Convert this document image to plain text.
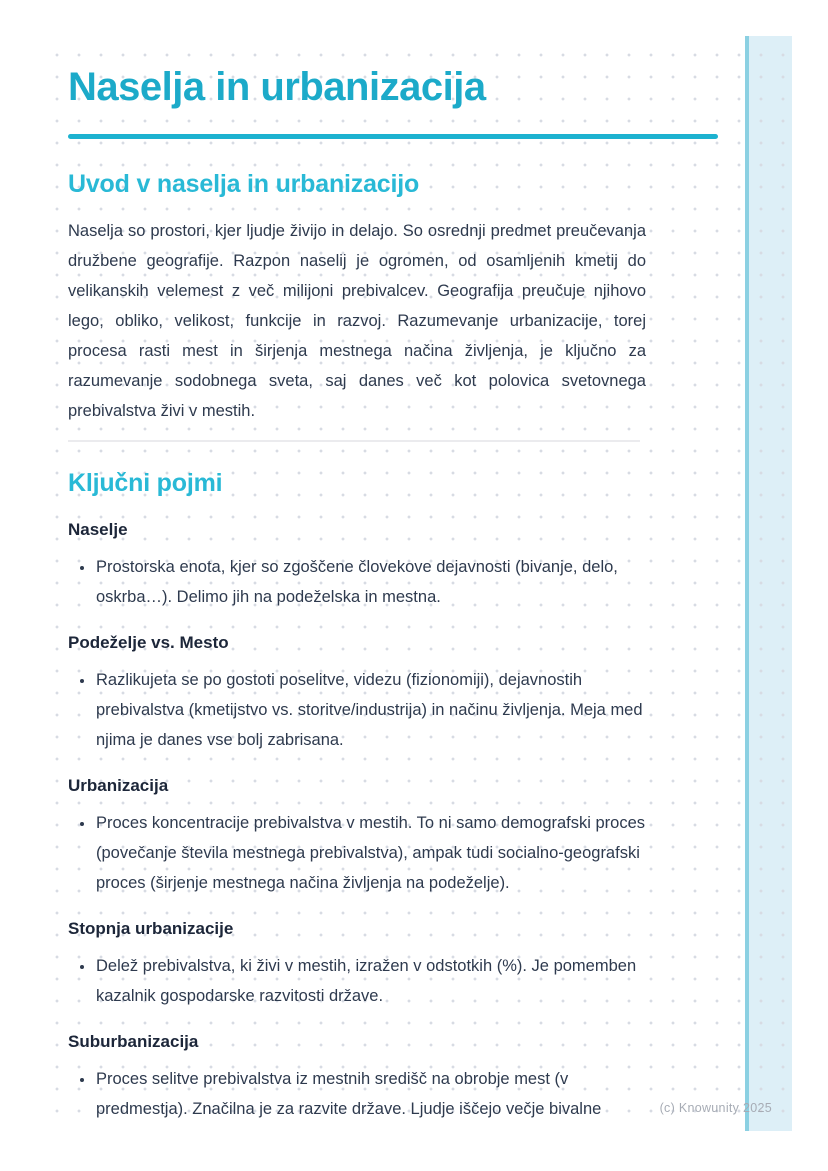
Naselja in urbanizacija
Uvod v naselja in urbanizacijo

Naselja so prostori, kjer ljudje živijo in delajo. So osrednji predmet preučevanja družbene geografije. Razpon naselij je ogromen, od osamljenih kmetij do velikanskih velemest z več milijoni prebivalcev. Geografija preučuje njihovo lego, obliko, velikost, funkcije in razvoj. Razumevanje urbanizacije, torej procesa rasti mest in širjenja mestnega načina življenja, je ključno za razumevanje sodobnega sveta, saj danes več kot polovica svetovnega prebivalstva živi v mestih.

Ključni pojmi
Naselje
• Prostorska enota, kjer so zgoščene človekove dejavnosti (bivanje, delo, oskrba…). Delimo jih na podeželska in mestna.
Podeželje vs. Mesto
• Razlikujeta se po gostoti poselitve, videzu (fizionomiji), dejavnostih prebivalstva (kmetijstvo vs. storitve/industrija) in načinu življenja. Meja med njima je danes vse bolj zabrisana.
Urbanizacija
• Proces koncentracije prebivalstva v mestih. To ni samo demografski proces (povečanje števila mestnega prebivalstva), ampak tudi socialno-geografski proces (širjenje mestnega načina življenja na podeželje).
Stopnja urbanizacije
• Delež prebivalstva, ki živi v mestih, izražen v odstotkih (%). Je pomemben kazalnik gospodarske razvitosti države.
Suburbanizacija
• Proces selitve prebivalstva iz mestnih središč na obrobje mest (v predmestja). Značilna je za razvite države. Ljudje iščejo večje bivalne	(c) Knowunity 2025
